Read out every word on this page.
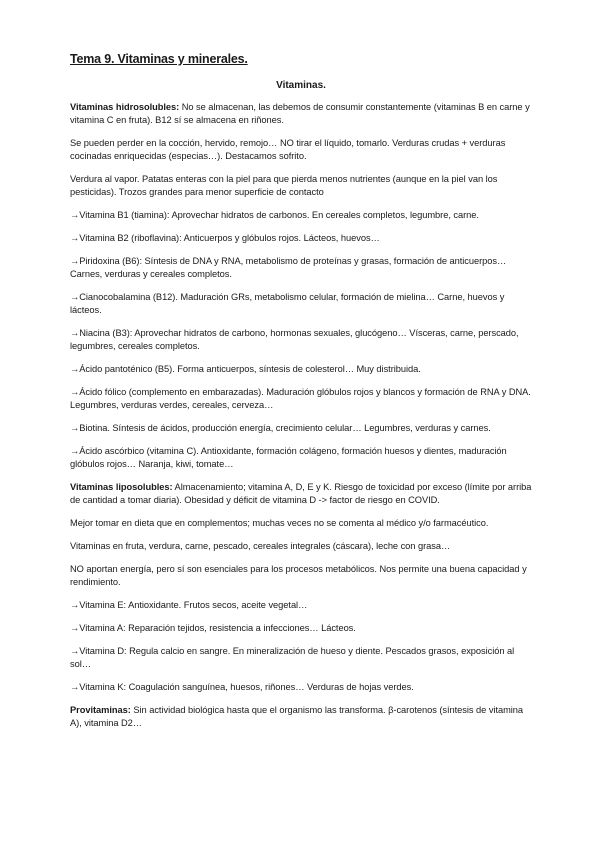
Tema 9. Vitaminas y minerales.
Vitaminas.

Vitaminas hidrosolubles: No se almacenan, las debemos de consumir constantemente (vitaminas B en carne y vitamina C en fruta). B12 sí se almacena en riñones.

Se pueden perder en la cocción, hervido, remojo… NO tirar el líquido, tomarlo. Verduras crudas + verduras cocinadas enriquecidas (especias…). Destacamos sofrito.

Verdura al vapor. Patatas enteras con la piel para que pierda menos nutrientes (aunque en la piel van los pesticidas). Trozos grandes para menor superficie de contacto

→Vitamina B1 (tiamina): Aprovechar hidratos de carbonos. En cereales completos, legumbre, carne.

→Vitamina B2 (riboflavina): Anticuerpos y glóbulos rojos. Lácteos, huevos…

→Piridoxina (B6): Síntesis de DNA y RNA, metabolismo de proteínas y grasas, formación de anticuerpos… Carnes, verduras y cereales completos.

→Cianocobalamina (B12). Maduración GRs, metabolismo celular, formación de mielina… Carne, huevos y lácteos.

→Niacina (B3): Aprovechar hidratos de carbono, hormonas sexuales, glucógeno… Vísceras, carne, perscado, legumbres, cereales completos.

→Ácido pantoténico (B5). Forma anticuerpos, síntesis de colesterol… Muy distribuida.

→Ácido fólico (complemento en embarazadas). Maduración glóbulos rojos y blancos y formación de RNA y DNA. Legumbres, verduras verdes, cereales, cerveza…

→Biotina. Síntesis de ácidos, producción energía, crecimiento celular… Legumbres, verduras y carnes.

→Ácido ascórbico (vitamina C). Antioxidante, formación colágeno, formación huesos y dientes, maduración glóbulos rojos… Naranja, kiwi, tomate…

Vitaminas liposolubles: Almacenamiento; vitamina A, D, E y K. Riesgo de toxicidad por exceso (límite por arriba de cantidad a tomar diaria). Obesidad y déficit de vitamina D -> factor de riesgo en COVID.

Mejor tomar en dieta que en complementos; muchas veces no se comenta al médico y/o farmacéutico.

Vitaminas en fruta, verdura, carne, pescado, cereales integrales (cáscara), leche con grasa…

NO aportan energía, pero sí son esenciales para los procesos metabólicos. Nos permite una buena capacidad y rendimiento.

→Vitamina E: Antioxidante. Frutos secos, aceite vegetal…

→Vitamina A: Reparación tejidos, resistencia a infecciones… Lácteos.

→Vitamina D: Regula calcio en sangre. En mineralización de hueso y diente. Pescados grasos, exposición al sol…

→Vitamina K: Coagulación sanguínea, huesos, riñones… Verduras de hojas verdes.

Provitaminas: Sin actividad biológica hasta que el organismo las transforma. β-carotenos (síntesis de vitamina A), vitamina D2…
